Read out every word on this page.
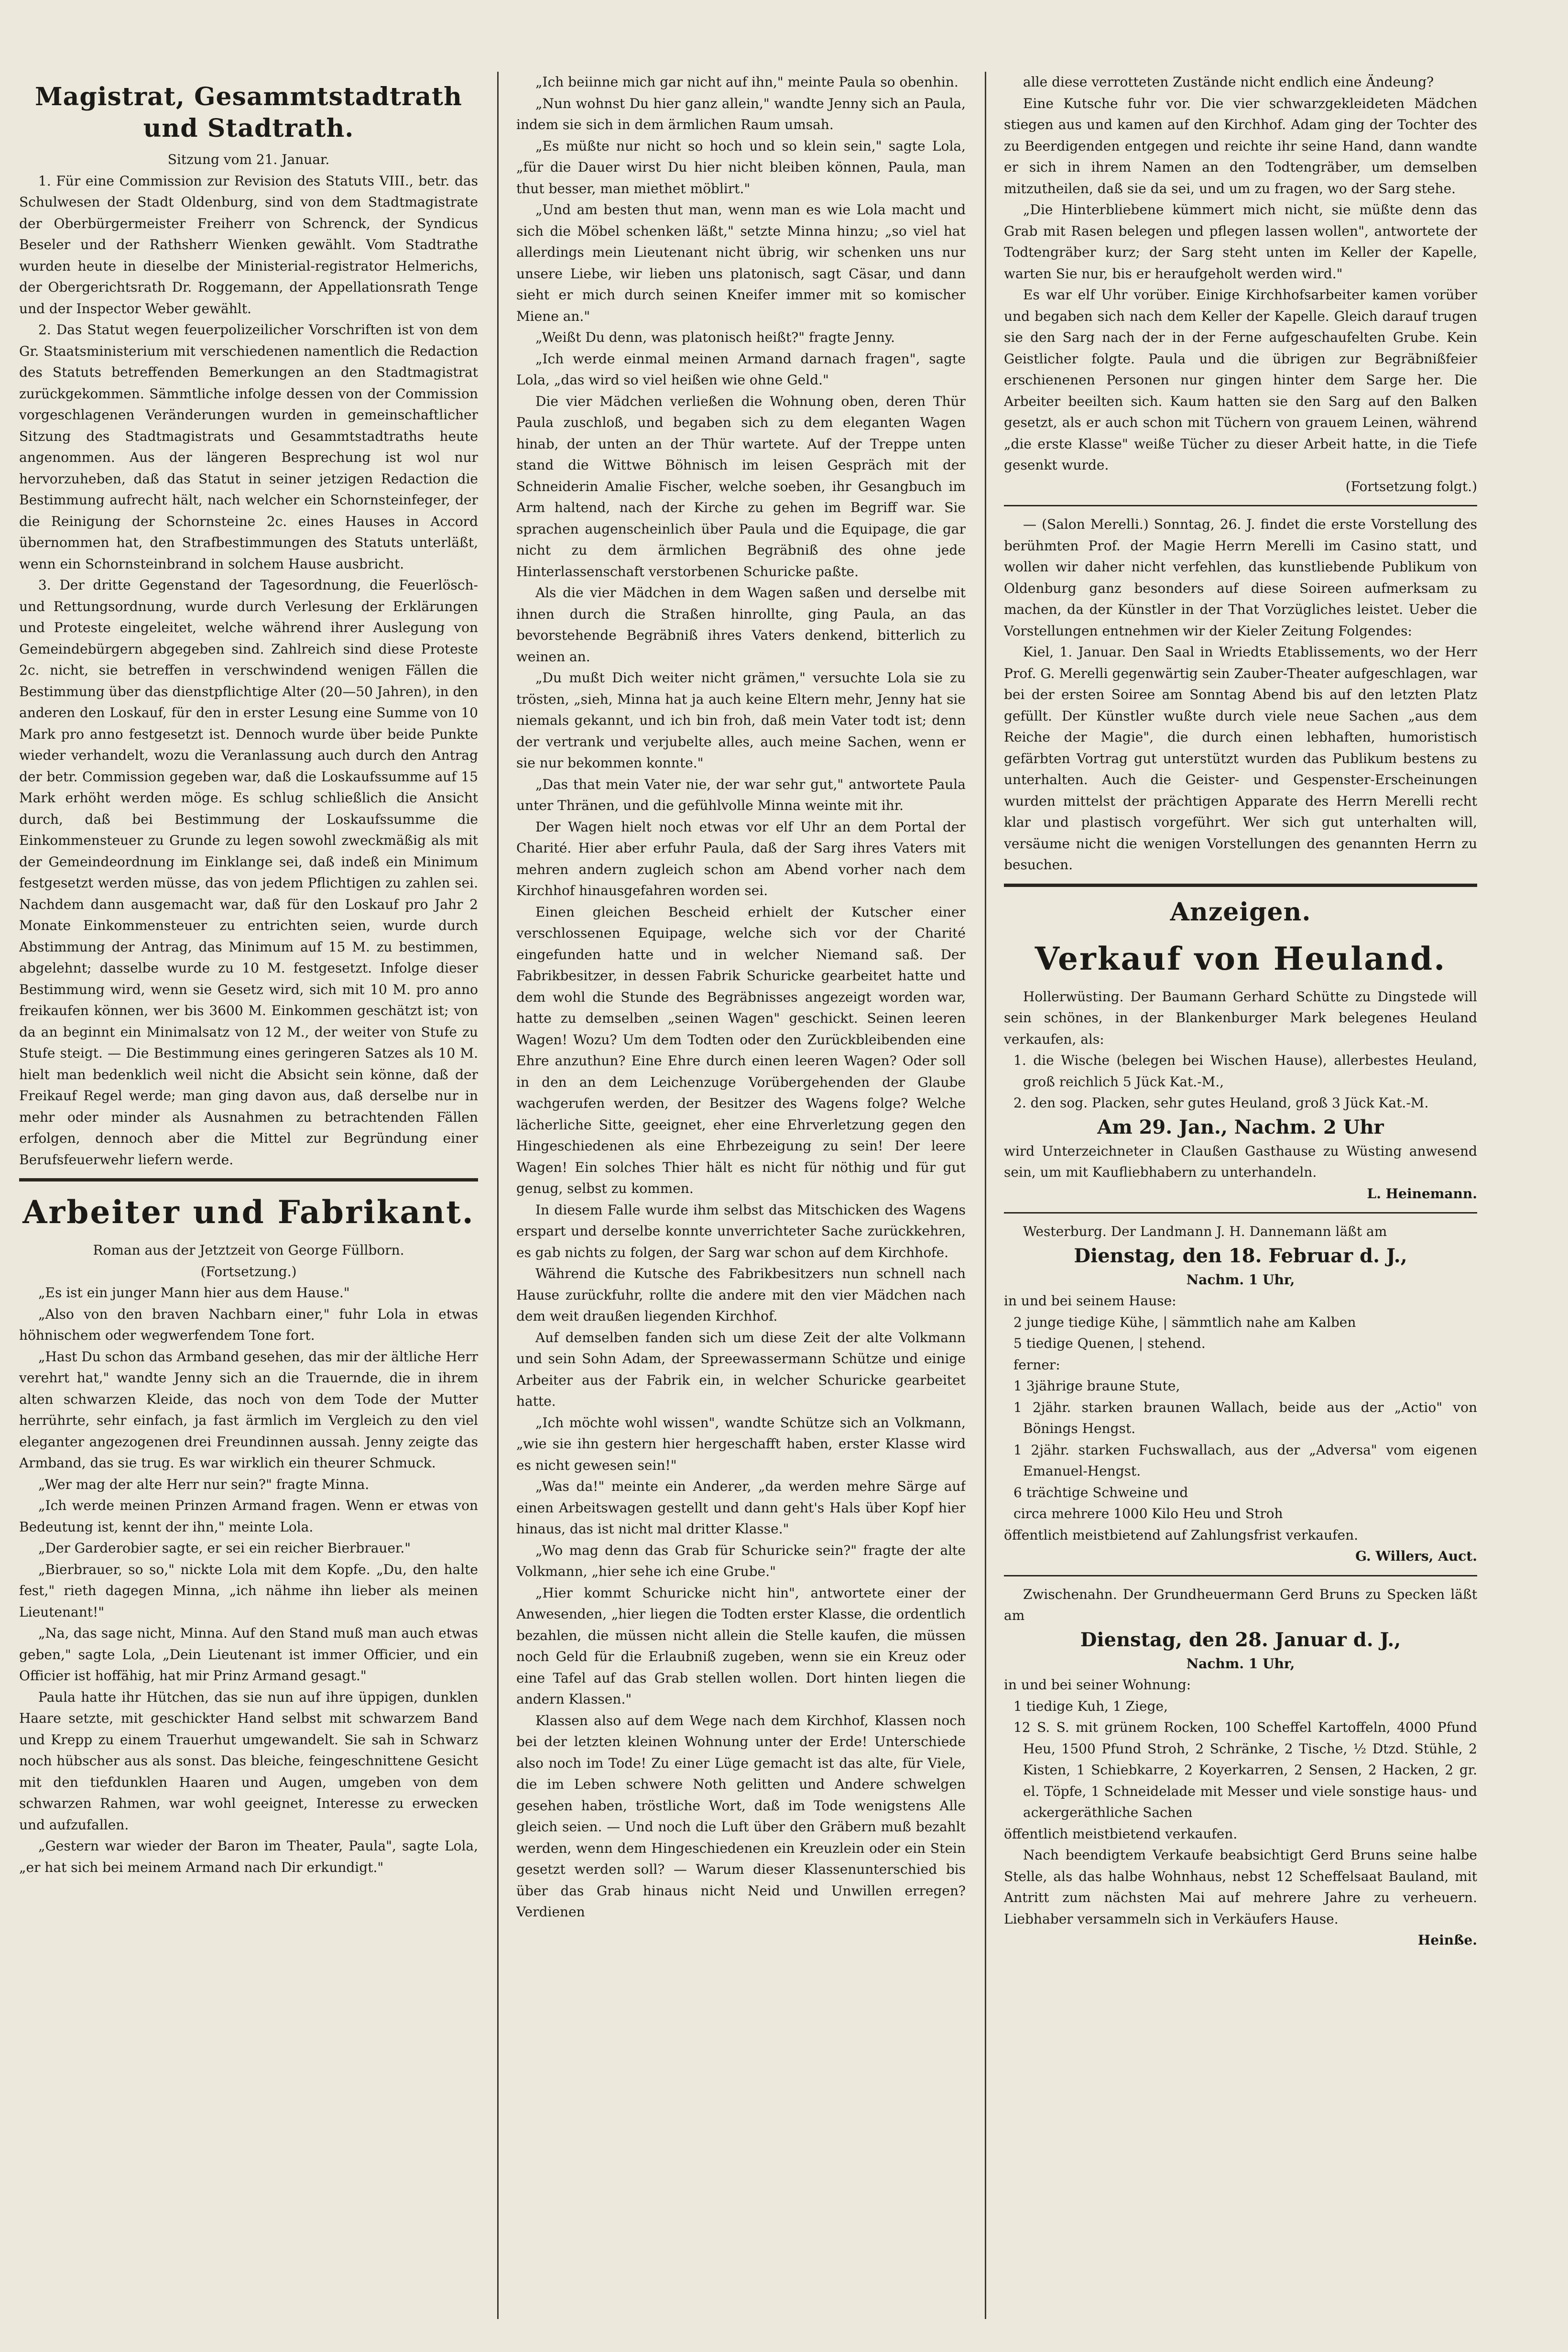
Magistrat, Gesammtstadtrath und Stadtrath.
Sitzung vom 21. Januar.

1. Für eine Commission zur Revision des Statuts VIII., betr. das Schulwesen der Stadt Oldenburg, sind von dem Stadtmagistrate der Oberbürgermeister Freiherr von Schrenck, der Syndicus Beseler und der Rathsherr Wienken gewählt. Vom Stadtrathe wurden heute in dieselbe der Ministerial-registrator Helmerichs, der Obergerichtsrath Dr. Roggemann, der Appellationsrath Tenge und der Inspector Weber gewählt.

2. Das Statut wegen feuerpolizeilicher Vorschriften ist von dem Gr. Staatsministerium mit verschiedenen namentlich die Redaction des Statuts betreffenden Bemerkungen an den Stadtmagistrat zurückgekommen. Sämmtliche infolge dessen von der Commission vorgeschlagenen Veränderungen wurden in gemeinschaftlicher Sitzung des Stadtmagistrats und Gesammtstadtraths heute angenommen. Aus der längeren Besprechung ist wol nur hervorzuheben, daß das Statut in seiner jetzigen Redaction die Bestimmung aufrecht hält, nach welcher ein Schornsteinfeger, der die Reinigung der Schornsteine 2c. eines Hauses in Accord übernommen hat, den Strafbestimmungen des Statuts unterläßt, wenn ein Schornsteinbrand in solchem Hause ausbricht.

3. Der dritte Gegenstand der Tagesordnung, die Feuerlösch- und Rettungsordnung, wurde durch Verlesung der Erklärungen und Proteste eingeleitet, welche während ihrer Auslegung von Gemeindebürgern abgegeben sind. Zahlreich sind diese Proteste 2c. nicht, sie betreffen in verschwindend wenigen Fällen die Bestimmung über das dienstpflichtige Alter (20—50 Jahren), in den anderen den Loskauf, für den in erster Lesung eine Summe von 10 Mark pro anno festgesetzt ist. Dennoch wurde über beide Punkte wieder verhandelt, wozu die Veranlassung auch durch den Antrag der betr. Commission gegeben war, daß die Loskaufssumme auf 15 Mark erhöht werden möge. Es schlug schließlich die Ansicht durch, daß bei Bestimmung der Loskaufssumme die Einkommensteuer zu Grunde zu legen sowohl zweckmäßig als mit der Gemeindeordnung im Einklange sei, daß indeß ein Minimum festgesetzt werden müsse, das von jedem Pflichtigen zu zahlen sei. Nachdem dann ausgemacht war, daß für den Loskauf pro Jahr 2 Monate Einkommensteuer zu entrichten seien, wurde durch Abstimmung der Antrag, das Minimum auf 15 M. zu bestimmen, abgelehnt; dasselbe wurde zu 10 M. festgesetzt. Infolge dieser Bestimmung wird, wenn sie Gesetz wird, sich mit 10 M. pro anno freikaufen können, wer bis 3600 M. Einkommen geschätzt ist; von da an beginnt ein Minimalsatz von 12 M., der weiter von Stufe zu Stufe steigt. — Die Bestimmung eines geringeren Satzes als 10 M. hielt man bedenklich weil nicht die Absicht sein könne, daß der Freikauf Regel werde; man ging davon aus, daß derselbe nur in mehr oder minder als Ausnahmen zu betrachtenden Fällen erfolgen, dennoch aber die Mittel zur Begründung einer Berufsfeuerwehr liefern werde.

Arbeiter und Fabrikant.
Roman aus der Jetztzeit von George Füllborn.
(Fortsetzung.)

„Es ist ein junger Mann hier aus dem Hause."

„Also von den braven Nachbarn einer," fuhr Lola in etwas höhnischem oder wegwerfendem Tone fort.

„Hast Du schon das Armband gesehen, das mir der ältliche Herr verehrt hat," wandte Jenny sich an die Trauernde, die in ihrem alten schwarzen Kleide, das noch von dem Tode der Mutter herrührte, sehr einfach, ja fast ärmlich im Vergleich zu den viel eleganter angezogenen drei Freundinnen aussah. Jenny zeigte das Armband, das sie trug. Es war wirklich ein theurer Schmuck.

„Wer mag der alte Herr nur sein?" fragte Minna.

„Ich werde meinen Prinzen Armand fragen. Wenn er etwas von Bedeutung ist, kennt der ihn," meinte Lola.

„Der Garderobier sagte, er sei ein reicher Bierbrauer."

„Bierbrauer, so so," nickte Lola mit dem Kopfe. „Du, den halte fest," rieth dagegen Minna, „ich nähme ihn lieber als meinen Lieutenant!"

„Na, das sage nicht, Minna. Auf den Stand muß man auch etwas geben," sagte Lola, „Dein Lieutenant ist immer Officier, und ein Officier ist hoffähig, hat mir Prinz Armand gesagt."

Paula hatte ihr Hütchen, das sie nun auf ihre üppigen, dunklen Haare setzte, mit geschickter Hand selbst mit schwarzem Band und Krepp zu einem Trauerhut umgewandelt. Sie sah in Schwarz noch hübscher aus als sonst. Das bleiche, feingeschnittene Gesicht mit den tiefdunklen Haaren und Augen, umgeben von dem schwarzen Rahmen, war wohl geeignet, Interesse zu erwecken und aufzufallen.

„Gestern war wieder der Baron im Theater, Paula", sagte Lola, „er hat sich bei meinem Armand nach Dir erkundigt."

„Ich beiinne mich gar nicht auf ihn," meinte Paula so obenhin.

„Nun wohnst Du hier ganz allein," wandte Jenny sich an Paula, indem sie sich in dem ärmlichen Raum umsah.

„Es müßte nur nicht so hoch und so klein sein," sagte Lola, „für die Dauer wirst Du hier nicht bleiben können, Paula, man thut besser, man miethet möblirt."

„Und am besten thut man, wenn man es wie Lola macht und sich die Möbel schenken läßt," setzte Minna hinzu; „so viel hat allerdings mein Lieutenant nicht übrig, wir schenken uns nur unsere Liebe, wir lieben uns platonisch, sagt Cäsar, und dann sieht er mich durch seinen Kneifer immer mit so komischer Miene an."

„Weißt Du denn, was platonisch heißt?" fragte Jenny.

„Ich werde einmal meinen Armand darnach fragen", sagte Lola, „das wird so viel heißen wie ohne Geld."

Die vier Mädchen verließen die Wohnung oben, deren Thür Paula zuschloß, und begaben sich zu dem eleganten Wagen hinab, der unten an der Thür wartete. Auf der Treppe unten stand die Wittwe Böhnisch im leisen Gespräch mit der Schneiderin Amalie Fischer, welche soeben, ihr Gesangbuch im Arm haltend, nach der Kirche zu gehen im Begriff war. Sie sprachen augenscheinlich über Paula und die Equipage, die gar nicht zu dem ärmlichen Begräbniß des ohne jede Hinterlassenschaft verstorbenen Schuricke paßte.

Als die vier Mädchen in dem Wagen saßen und derselbe mit ihnen durch die Straßen hinrollte, ging Paula, an das bevorstehende Begräbniß ihres Vaters denkend, bitterlich zu weinen an.

„Du mußt Dich weiter nicht grämen," versuchte Lola sie zu trösten, „sieh, Minna hat ja auch keine Eltern mehr, Jenny hat sie niemals gekannt, und ich bin froh, daß mein Vater todt ist; denn der vertrank und verjubelte alles, auch meine Sachen, wenn er sie nur bekommen konnte."

„Das that mein Vater nie, der war sehr gut," antwortete Paula unter Thränen, und die gefühlvolle Minna weinte mit ihr.

Der Wagen hielt noch etwas vor elf Uhr an dem Portal der Charité. Hier aber erfuhr Paula, daß der Sarg ihres Vaters mit mehren andern zugleich schon am Abend vorher nach dem Kirchhof hinausgefahren worden sei.

Einen gleichen Bescheid erhielt der Kutscher einer verschlossenen Equipage, welche sich vor der Charité eingefunden hatte und in welcher Niemand saß. Der Fabrikbesitzer, in dessen Fabrik Schuricke gearbeitet hatte und dem wohl die Stunde des Begräbnisses angezeigt worden war, hatte zu demselben „seinen Wagen" geschickt. Seinen leeren Wagen! Wozu? Um dem Todten oder den Zurückbleibenden eine Ehre anzuthun? Eine Ehre durch einen leeren Wagen? Oder soll in den an dem Leichenzuge Vorübergehenden der Glaube wachgerufen werden, der Besitzer des Wagens folge? Welche lächerliche Sitte, geeignet, eher eine Ehrverletzung gegen den Hingeschiedenen als eine Ehrbezeigung zu sein! Der leere Wagen! Ein solches Thier hält es nicht für nöthig und für gut genug, selbst zu kommen.

In diesem Falle wurde ihm selbst das Mitschicken des Wagens erspart und derselbe konnte unverrichteter Sache zurückkehren, es gab nichts zu folgen, der Sarg war schon auf dem Kirchhofe.

Während die Kutsche des Fabrikbesitzers nun schnell nach Hause zurückfuhr, rollte die andere mit den vier Mädchen nach dem weit draußen liegenden Kirchhof.

Auf demselben fanden sich um diese Zeit der alte Volkmann und sein Sohn Adam, der Spreewassermann Schütze und einige Arbeiter aus der Fabrik ein, in welcher Schuricke gearbeitet hatte.

„Ich möchte wohl wissen", wandte Schütze sich an Volkmann, „wie sie ihn gestern hier hergeschafft haben, erster Klasse wird es nicht gewesen sein!"

„Was da!" meinte ein Anderer, „da werden mehre Särge auf einen Arbeitswagen gestellt und dann geht's Hals über Kopf hier hinaus, das ist nicht mal dritter Klasse."

„Wo mag denn das Grab für Schuricke sein?" fragte der alte Volkmann, „hier sehe ich eine Grube."

„Hier kommt Schuricke nicht hin", antwortete einer der Anwesenden, „hier liegen die Todten erster Klasse, die ordentlich bezahlen, die müssen nicht allein die Stelle kaufen, die müssen noch Geld für die Erlaubniß zugeben, wenn sie ein Kreuz oder eine Tafel auf das Grab stellen wollen. Dort hinten liegen die andern Klassen."

Klassen also auf dem Wege nach dem Kirchhof, Klassen noch bei der letzten kleinen Wohnung unter der Erde! Unterschiede also noch im Tode! Zu einer Lüge gemacht ist das alte, für Viele, die im Leben schwere Noth gelitten und Andere schwelgen gesehen haben, tröstliche Wort, daß im Tode wenigstens Alle gleich seien. — Und noch die Luft über den Gräbern muß bezahlt werden, wenn dem Hingeschiedenen ein Kreuzlein oder ein Stein gesetzt werden soll? — Warum dieser Klassenunterschied bis über das Grab hinaus nicht Neid und Unwillen erregen? Verdienen

alle diese verrotteten Zustände nicht endlich eine Ändeung?

Eine Kutsche fuhr vor. Die vier schwarzgekleideten Mädchen stiegen aus und kamen auf den Kirchhof. Adam ging der Tochter des zu Beerdigenden entgegen und reichte ihr seine Hand, dann wandte er sich in ihrem Namen an den Todtengräber, um demselben mitzutheilen, daß sie da sei, und um zu fragen, wo der Sarg stehe.

„Die Hinterbliebene kümmert mich nicht, sie müßte denn das Grab mit Rasen belegen und pflegen lassen wollen", antwortete der Todtengräber kurz; der Sarg steht unten im Keller der Kapelle, warten Sie nur, bis er heraufgeholt werden wird."

Es war elf Uhr vorüber. Einige Kirchhofsarbeiter kamen vorüber und begaben sich nach dem Keller der Kapelle. Gleich darauf trugen sie den Sarg nach der in der Ferne aufgeschaufelten Grube. Kein Geistlicher folgte. Paula und die übrigen zur Begräbnißfeier erschienenen Personen nur gingen hinter dem Sarge her. Die Arbeiter beeilten sich. Kaum hatten sie den Sarg auf den Balken gesetzt, als er auch schon mit Tüchern von grauem Leinen, während „die erste Klasse" weiße Tücher zu dieser Arbeit hatte, in die Tiefe gesenkt wurde.

(Fortsetzung folgt.)

— (Salon Merelli.) Sonntag, 26. J. findet die erste Vorstellung des berühmten Prof. der Magie Herrn Merelli im Casino statt, und wollen wir daher nicht verfehlen, das kunstliebende Publikum von Oldenburg ganz besonders auf diese Soireen aufmerksam zu machen, da der Künstler in der That Vorzügliches leistet. Ueber die Vorstellungen entnehmen wir der Kieler Zeitung Folgendes:

Kiel, 1. Januar. Den Saal in Wriedts Etablissements, wo der Herr Prof. G. Merelli gegenwärtig sein Zauber-Theater aufgeschlagen, war bei der ersten Soiree am Sonntag Abend bis auf den letzten Platz gefüllt. Der Künstler wußte durch viele neue Sachen „aus dem Reiche der Magie", die durch einen lebhaften, humoristisch gefärbten Vortrag gut unterstützt wurden das Publikum bestens zu unterhalten. Auch die Geister- und Gespenster-Erscheinungen wurden mittelst der prächtigen Apparate des Herrn Merelli recht klar und plastisch vorgeführt. Wer sich gut unterhalten will, versäume nicht die wenigen Vorstellungen des genannten Herrn zu besuchen.

Anzeigen.
Verkauf von Heuland.

Hollerwüsting. Der Baumann Gerhard Schütte zu Dingstede will sein schönes, in der Blankenburger Mark belegenes Heuland verkaufen, als:

1. die Wische (belegen bei Wischen Hause), allerbestes Heuland, groß reichlich 5 Jück Kat.-M.,

2. den sog. Placken, sehr gutes Heuland, groß 3 Jück Kat.-M.

Am 29. Jan., Nachm. 2 Uhr

wird Unterzeichneter in Claußen Gasthause zu Wüsting anwesend sein, um mit Kaufliebhabern zu unterhandeln.

L. Heinemann.

Westerburg. Der Landmann J. H. Dannemann läßt am

Dienstag, den 18. Februar d. J.,
Nachm. 1 Uhr,
in und bei seinem Hause:

2 junge tiedige Kühe, | sämmtlich nahe am Kalben

5 tiedige Quenen, | stehend.

ferner:

1 3jährige braune Stute,

1 2jähr. starken braunen Wallach, beide aus der „Actio" von Bönings Hengst.

1 2jähr. starken Fuchswallach, aus der „Adversa" vom eigenen Emanuel-Hengst.

6 trächtige Schweine und

circa mehrere 1000 Kilo Heu und Stroh

öffentlich meistbietend auf Zahlungsfrist verkaufen.
G. Willers, Auct.

Zwischenahn. Der Grundheuermann Gerd Bruns zu Specken läßt am

Dienstag, den 28. Januar d. J.,
Nachm. 1 Uhr,
in und bei seiner Wohnung:

1 tiedige Kuh, 1 Ziege,

12 S. S. mit grünem Rocken, 100 Scheffel Kartoffeln, 4000 Pfund Heu, 1500 Pfund Stroh, 2 Schränke, 2 Tische, ½ Dtzd. Stühle, 2 Kisten, 1 Schiebkarre, 2 Koyerkarren, 2 Sensen, 2 Hacken, 2 gr. el. Töpfe, 1 Schneidelade mit Messer und viele sonstige haus- und ackergeräthliche Sachen

öffentlich meistbietend verkaufen.

Nach beendigtem Verkaufe beabsichtigt Gerd Bruns seine halbe Stelle, als das halbe Wohnhaus, nebst 12 Scheffelsaat Bauland, mit Antritt zum nächsten Mai auf mehrere Jahre zu verheuern. Liebhaber versammeln sich in Verkäufers Hause.

Heinße.
